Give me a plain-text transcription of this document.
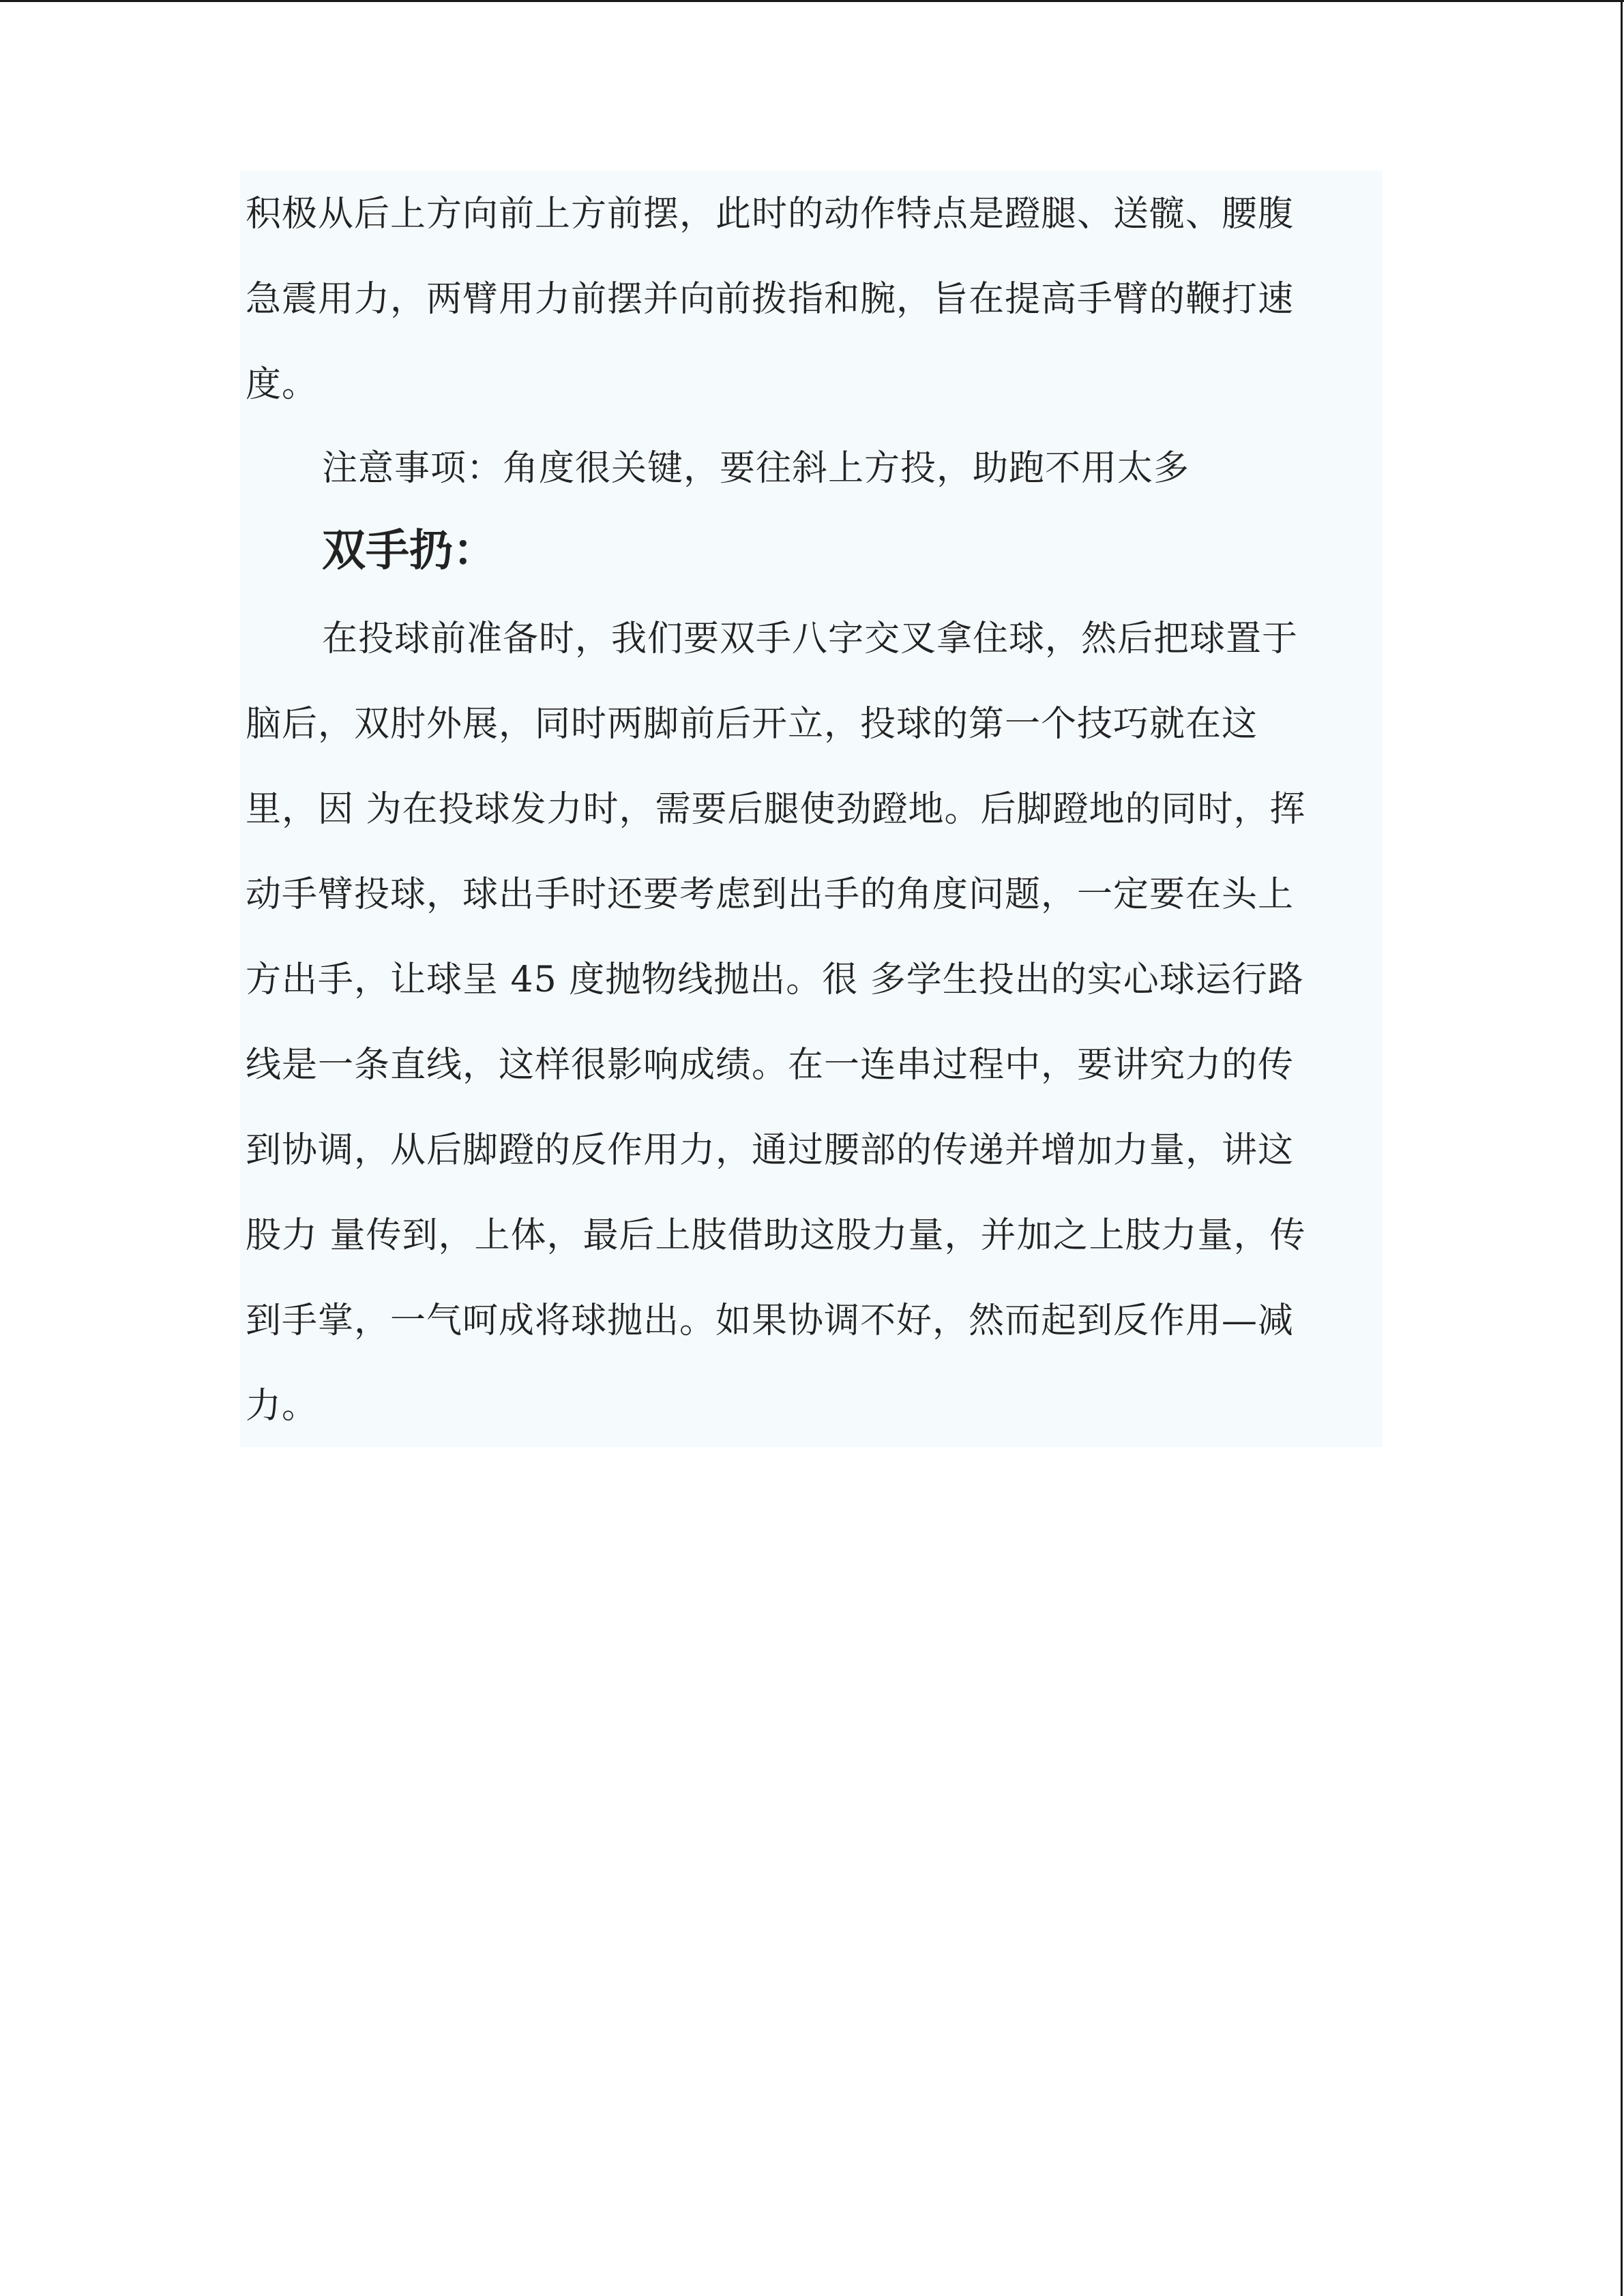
积极从后上方向前上方前摆，此时的动作特点是蹬腿、送髋、腰腹
急震用力，两臂用力前摆并向前拨指和腕，旨在提高手臂的鞭打速
度。
注意事项：角度很关键，要往斜上方投，助跑不用太多
双手扔：
在投球前准备时，我们要双手八字交叉拿住球，然后把球置于
脑后，双肘外展，同时两脚前后开立，投球的第一个技巧就在这
里，因 为在投球发力时，需要后腿使劲蹬地。后脚蹬地的同时，挥
动手臂投球，球出手时还要考虑到出手的角度问题，一定要在头上
方出手，让球呈 45 度抛物线抛出。很 多学生投出的实心球运行路
线是一条直线，这样很影响成绩。在一连串过程中，要讲究力的传
到协调，从后脚蹬的反作用力，通过腰部的传递并增加力量，讲这
股力 量传到，上体，最后上肢借助这股力量，并加之上肢力量，传
到手掌，一气呵成将球抛出。如果协调不好，然而起到反作用—减
力。
